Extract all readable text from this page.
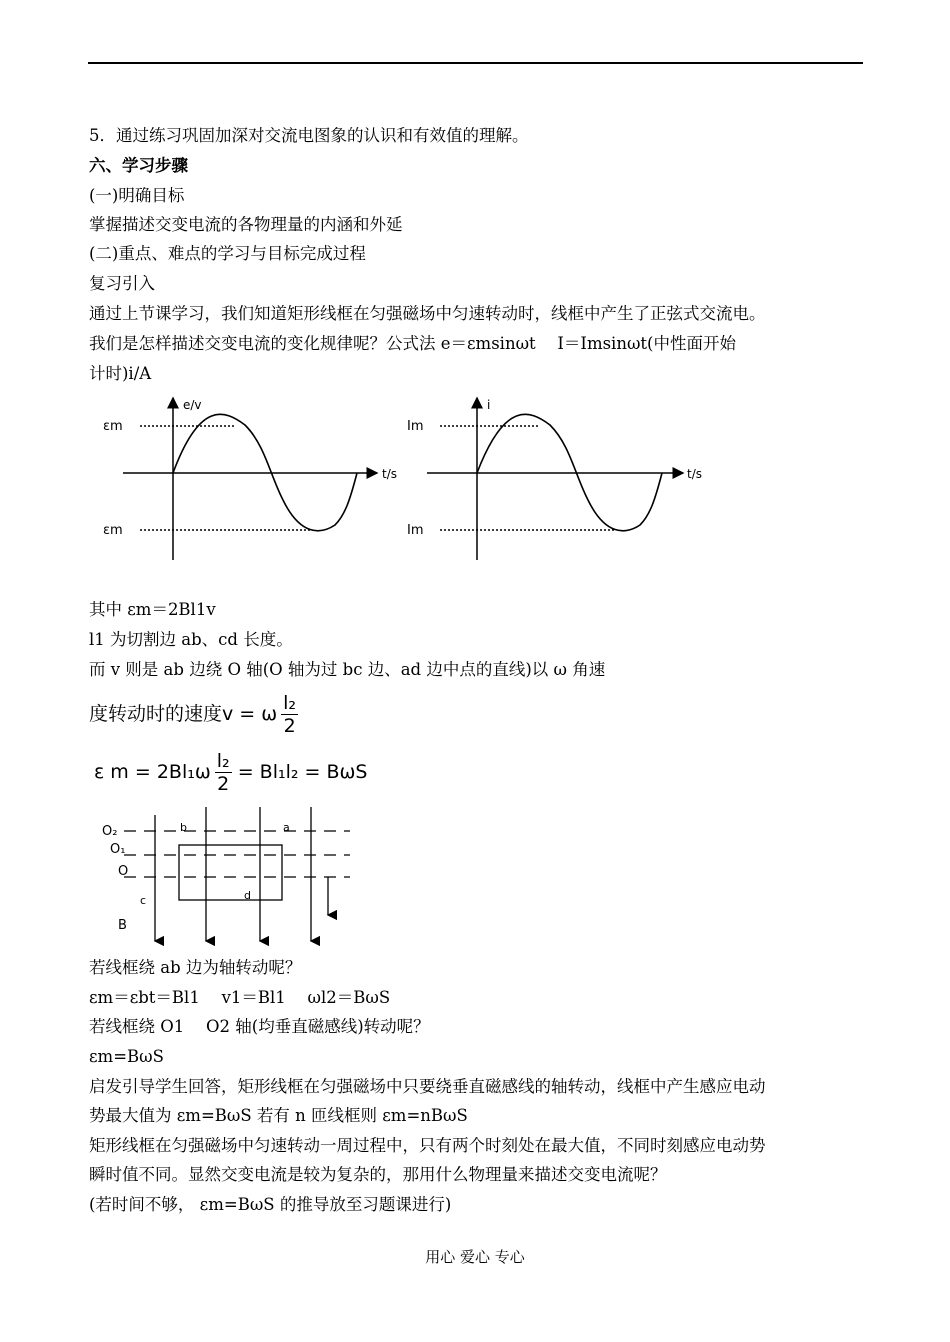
5．通过练习巩固加深对交流电图象的认识和有效值的理解。
六、学习步骤
(一)明确目标
掌握描述交变电流的各物理量的内涵和外延
(二)重点、难点的学习与目标完成过程
复习引入
通过上节课学习，我们知道矩形线框在匀强磁场中匀速转动时，线框中产生了正弦式交流电。
我们是怎样描述交变电流的变化规律呢？公式法 e＝εmsinωt　 I＝Imsinωt(中性面开始
计时)i/A
e/v
t/s
εm
εm
i
t/s
Im
Im
其中 εm＝2Bl1v
l1 为切割边 ab、cd 长度。
而 v 则是 ab 边绕 O 轴(O 轴为过 bc 边、ad 边中点的直线)以 ω 角速
度转动时的速度v = ω $\frac{\text{l₂}}{2}$
ε $m = 2Bl_1\omega \frac{\text{l₂}}{2} = Bl_1l_2 = B\omega S$
O₂
O₁
O
b	a
c	d
B
若线框绕 ab 边为轴转动呢？
εm＝εbt＝Bl1　 v1＝Bl1　 ωl2＝BωS
若线框绕 O1　 O2 轴(均垂直磁感线)转动呢？
εm=BωS
启发引导学生回答，矩形线框在匀强磁场中只要绕垂直磁感线的轴转动，线框中产生感应电动
势最大值为 εm=BωS 若有 n 匝线框则 εm=nBωS
矩形线框在匀强磁场中匀速转动一周过程中，只有两个时刻处在最大值，不同时刻感应电动势
瞬时值不同。显然交变电流是较为复杂的，那用什么物理量来描述交变电流呢？
(若时间不够， εm=BωS 的推导放至习题课进行)
用心 爱心 专心
